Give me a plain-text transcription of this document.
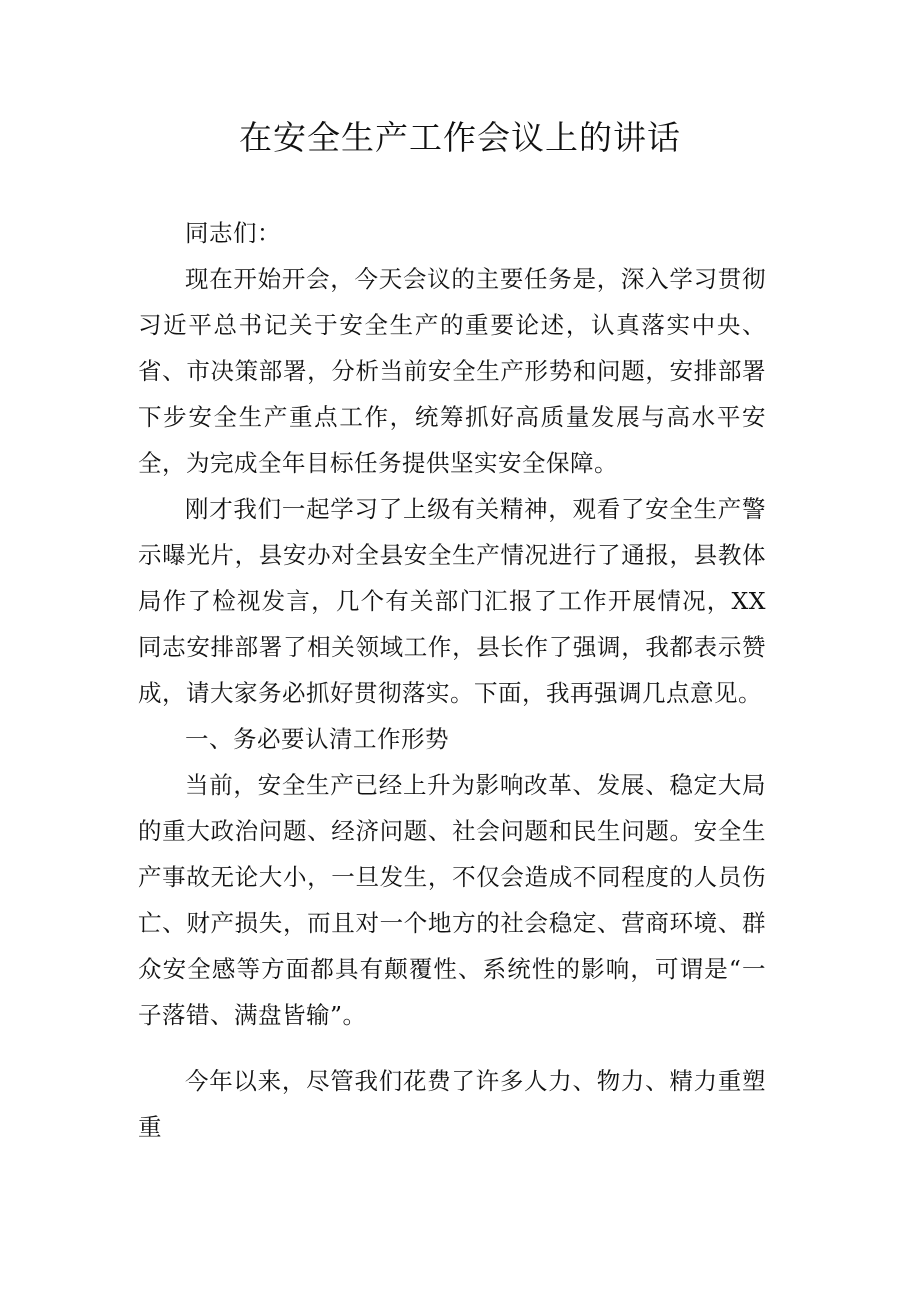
在安全生产工作会议上的讲话

同志们：

现在开始开会，今天会议的主要任务是，深入学习贯彻习近平总书记关于安全生产的重要论述，认真落实中央、省、市决策部署，分析当前安全生产形势和问题，安排部署下步安全生产重点工作，统筹抓好高质量发展与高水平安全，为完成全年目标任务提供坚实安全保障。

刚才我们一起学习了上级有关精神，观看了安全生产警示曝光片，县安办对全县安全生产情况进行了通报，县教体局作了检视发言，几个有关部门汇报了工作开展情况，XX同志安排部署了相关领域工作，县长作了强调，我都表示赞成，请大家务必抓好贯彻落实。下面，我再强调几点意见。

一、务必要认清工作形势

当前，安全生产已经上升为影响改革、发展、稳定大局的重大政治问题、经济问题、社会问题和民生问题。安全生产事故无论大小，一旦发生，不仅会造成不同程度的人员伤亡、财产损失，而且对一个地方的社会稳定、营商环境、群众安全感等方面都具有颠覆性、系统性的影响，可谓是“一子落错、满盘皆输”。

今年以来，尽管我们花费了许多人力、物力、精力重塑重
